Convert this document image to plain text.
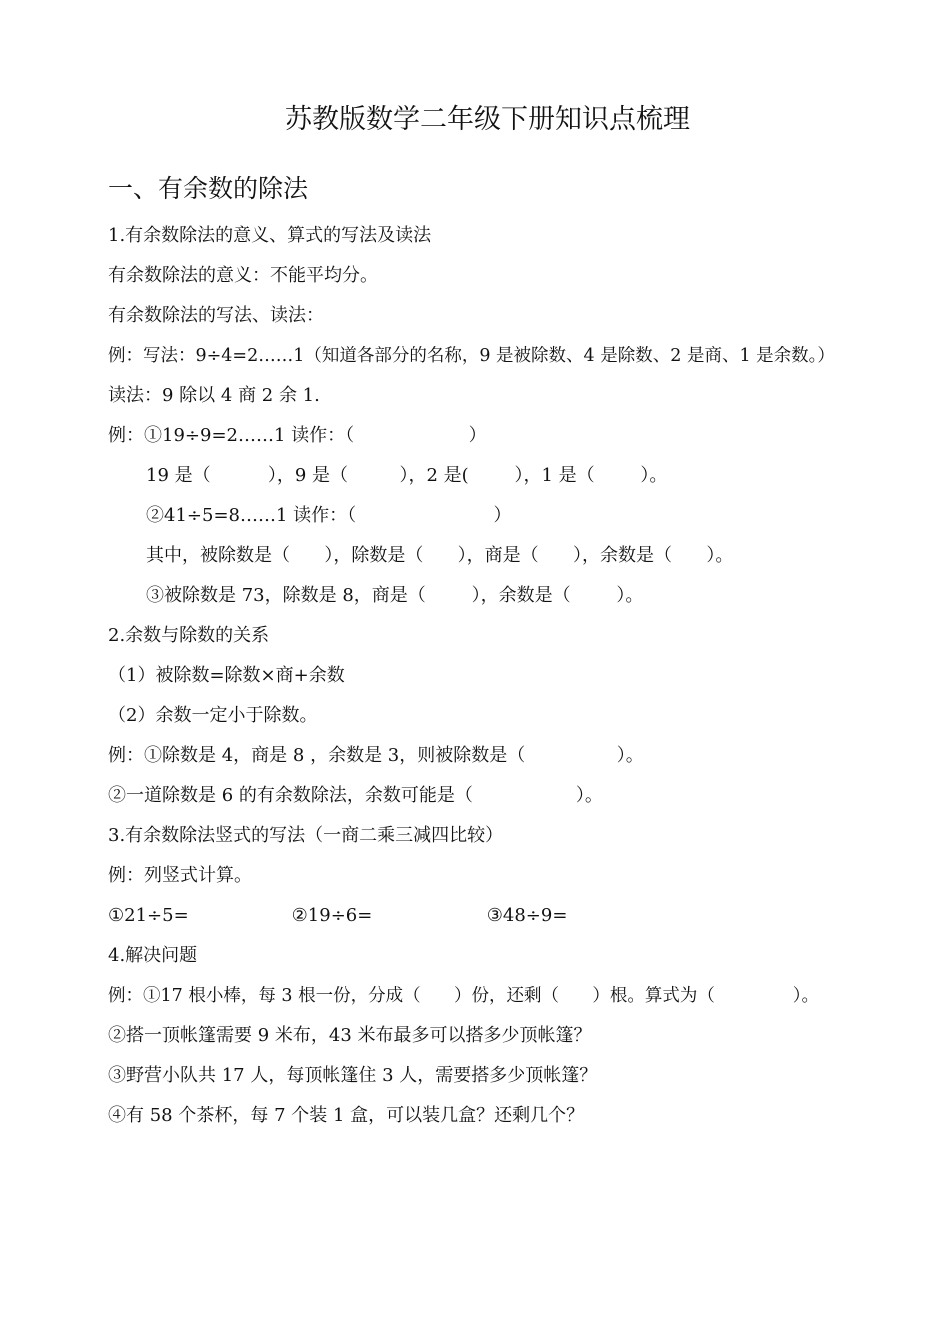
苏教版数学二年级下册知识点梳理
一、有余数的除法
1.有余数除法的意义、算式的写法及读法
有余数除法的意义：不能平均分。
有余数除法的写法、读法：
例：写法：9÷4=2……1（知道各部分的名称，9 是被除数、4 是除数、2 是商、1 是余数。）
读法：9 除以 4 商 2 余 1.
例：①19÷9=2……1 读作：（                    ）
19 是（          ），9 是（         ），2 是(        ），1 是（        ）。
②41÷5=8……1 读作：（                        ）
其中，被除数是（      ），除数是（      ），商是（      ），余数是（      ）。
③被除数是 73，除数是 8，商是（        ），余数是（        ）。
2.余数与除数的关系
（1）被除数=除数×商+余数
（2）余数一定小于除数。
例：①除数是 4，商是 8 ，余数是 3，则被除数是（                ）。
②一道除数是 6 的有余数除法，余数可能是（                  ）。
3.有余数除法竖式的写法（一商二乘三减四比较）
例：列竖式计算。
①21÷5=                  ②19÷6=                    ③48÷9=
4.解决问题
例：①17 根小棒，每 3 根一份，分成（      ）份，还剩（      ）根。算式为（              ）。
②搭一顶帐篷需要 9 米布，43 米布最多可以搭多少顶帐篷？
③野营小队共 17 人，每顶帐篷住 3 人，需要搭多少顶帐篷？
④有 58 个茶杯，每 7 个装 1 盒，可以装几盒？还剩几个？
